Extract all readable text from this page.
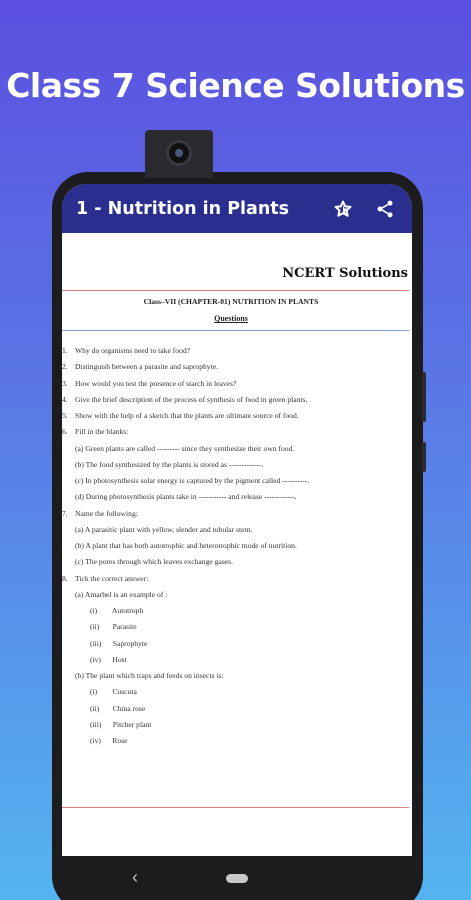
Class 7 Science Solutions
1 - Nutrition in Plants
NCERT Solutions
Class–VII (CHAPTER-01) NUTRITION IN PLANTS
Questions
1. Why do organisms need to take food?
2. Distinguish between a parasite and saprophyte.
3. How would you test the presence of starch in leaves?
4. Give the brief description of the process of synthesis of food in green plants.
5. Show with the help of a sketch that the plants are ultimate source of food.
6. Fill in the blanks:
(a) Green plants are called --------- since they synthesize their own food.
(b) The food synthesized by the plants is stored as -------------.
(c) In photosynthesis solar energy is captured by the pigment called ----------.
(d) During photosynthesis plants take in ----------- and release ------------.
7. Name the following:
(a) A parasitic plant with yellow, slender and tubular stem.
(b) A plant that has both autotrophic and heterotrophic mode of nutrition.
(c) The pores through which leaves exchange gases.
8. Tick the correct answer:
(a) Amarbel is an example of :
(i)        Autotroph
(ii)       Parasite
(iii)      Saprophyte
(iv)      Host
(b) The plant which traps and feeds on insects is:
(i)        Cuscuta
(ii)       China rose
(iii)      Pitcher plant
(iv)      Rose
‹
